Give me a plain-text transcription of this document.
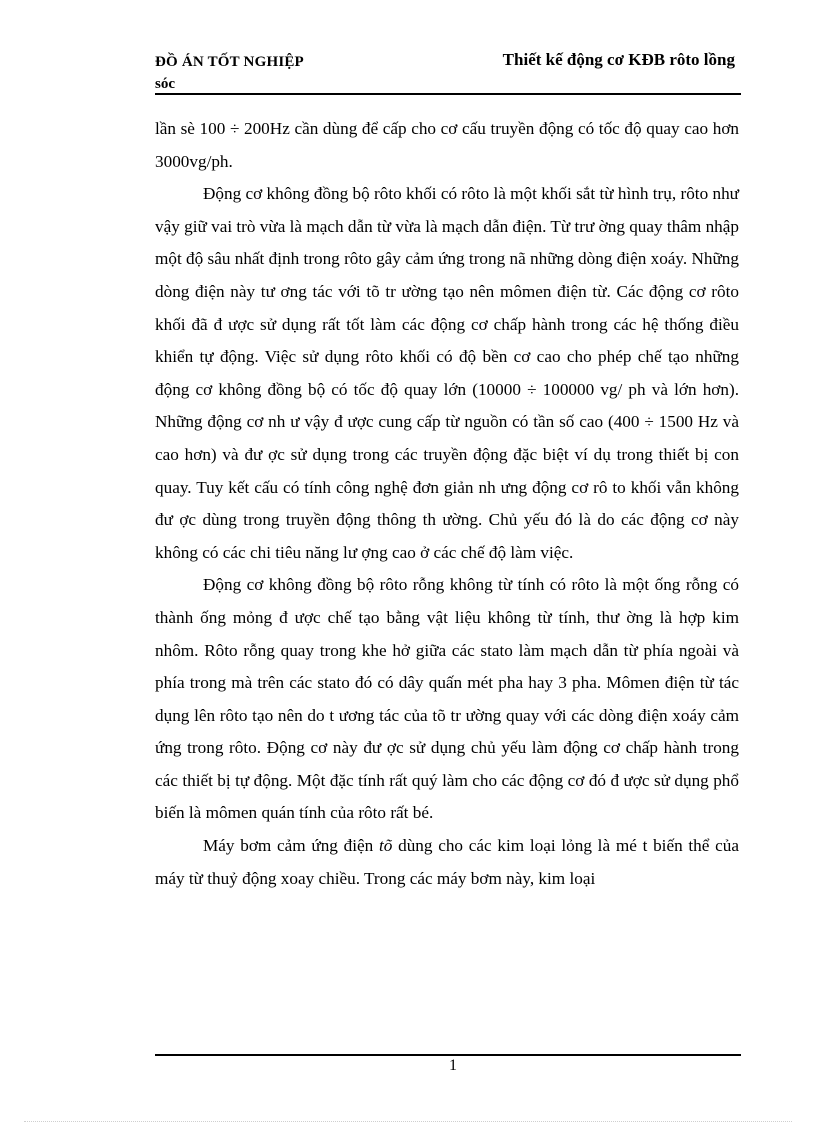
ĐỒ ÁN TỐT NGHIỆP	Thiết kế động cơ KĐB rôto lồng
sóc

lần sè 100 ÷ 200Hz cần dùng để cấp cho cơ cấu truyền động có tốc độ quay cao hơn 3000vg/ph.

Động cơ không đồng bộ rôto khối có rôto là một khối sắt từ hình trụ, rôto như vậy giữ vai trò vừa là mạch dẫn từ vừa là mạch dẫn điện. Từ trư ờng quay thâm nhập một độ sâu nhất định trong rôto gây cảm ứng trong nã những dòng điện xoáy. Những dòng điện này tư ơng tác với tõ tr ường tạo nên mômen điện từ. Các động cơ rôto khối đã đ ược sử dụng rất tốt làm các động cơ chấp hành trong các hệ thống điều khiển tự động. Việc sử dụng rôto khối có độ bền cơ cao cho phép chế tạo những động cơ không đồng bộ có tốc độ quay lớn (10000 ÷ 100000 vg/ ph và lớn hơn). Những động cơ nh ư vậy đ ược cung cấp từ nguồn có tần số cao (400 ÷ 1500 Hz và cao hơn) và đư ợc sử dụng trong các truyền động đặc biệt ví dụ trong thiết bị con quay. Tuy kết cấu có tính công nghệ đơn giản nh ưng động cơ rô to khối vẫn không đư ợc dùng trong truyền động thông th ường. Chủ yếu đó là do các động cơ này không có các chi tiêu năng lư ợng cao ở các chế độ làm việc.

Động cơ không đồng bộ rôto rỗng không từ tính có rôto là một ống rỗng có thành ống mỏng đ ược chế tạo bằng vật liệu không từ tính, thư ờng là hợp kim nhôm. Rôto rỗng quay trong khe hở giữa các stato làm mạch dẫn từ phía ngoài và phía trong mà trên các stato đó có dây quấn mét pha hay 3 pha. Mômen điện từ tác dụng lên rôto tạo nên do t ương tác của tõ tr ường quay với các dòng điện xoáy cảm ứng trong rôto. Động cơ này đư ợc sử dụng chủ yếu làm động cơ chấp hành trong các thiết bị tự động. Một đặc tính rất quý làm cho các động cơ đó đ ược sử dụng phổ biến là mômen quán tính của rôto rất bé.

Máy bơm cảm ứng điện tõ dùng cho các kim loại lỏng là mé t biến thể của máy từ thuỷ động xoay chiều. Trong các máy bơm này, kim loại

1
